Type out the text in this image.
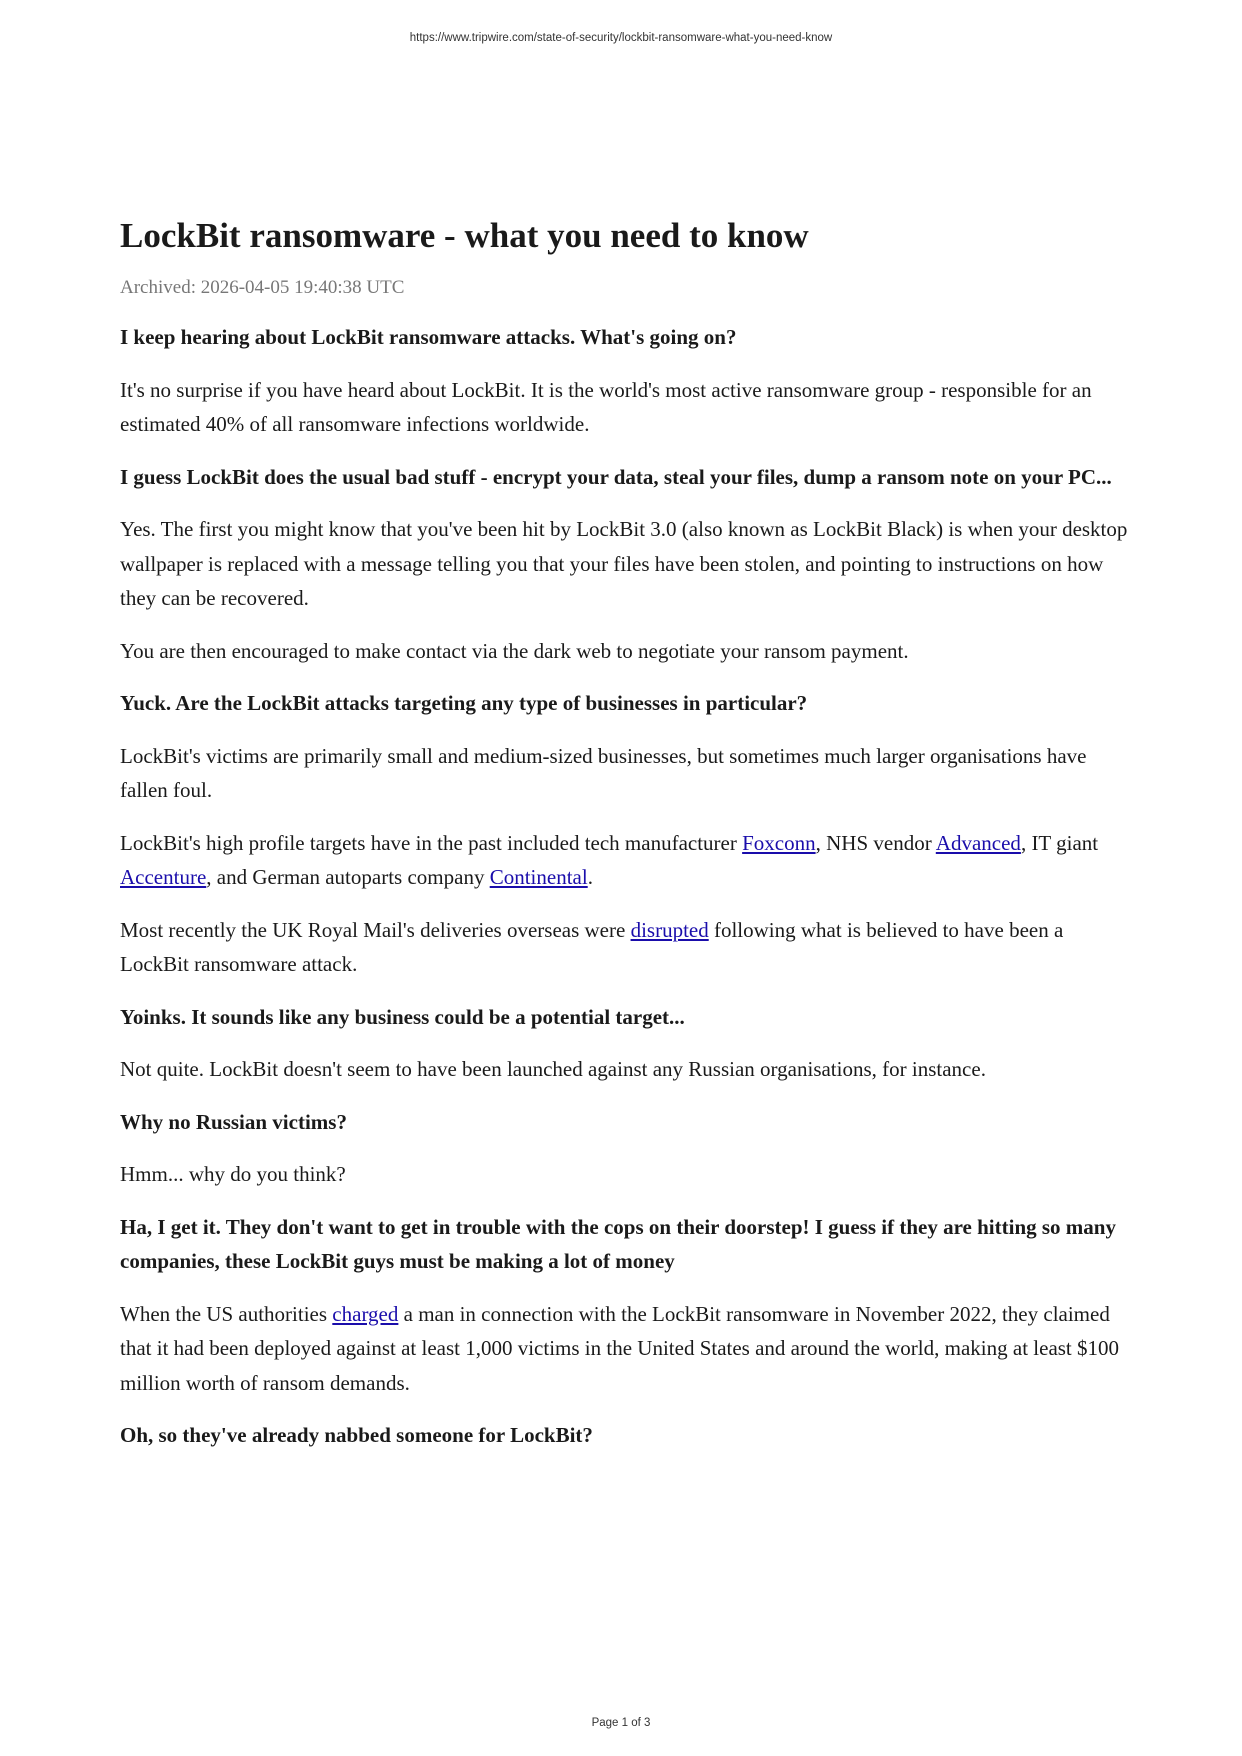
https://www.tripwire.com/state-of-security/lockbit-ransomware-what-you-need-know
LockBit ransomware - what you need to know
Archived: 2026-04-05 19:40:38 UTC

I keep hearing about LockBit ransomware attacks. What's going on?

It's no surprise if you have heard about LockBit. It is the world's most active ransomware group - responsible for an estimated 40% of all ransomware infections worldwide.

I guess LockBit does the usual bad stuff - encrypt your data, steal your files, dump a ransom note on your PC...

Yes. The first you might know that you've been hit by LockBit 3.0 (also known as LockBit Black) is when your desktop wallpaper is replaced with a message telling you that your files have been stolen, and pointing to instructions on how they can be recovered.

You are then encouraged to make contact via the dark web to negotiate your ransom payment.

Yuck. Are the LockBit attacks targeting any type of businesses in particular?

LockBit's victims are primarily small and medium-sized businesses, but sometimes much larger organisations have fallen foul.

LockBit's high profile targets have in the past included tech manufacturer Foxconn, NHS vendor Advanced, IT giant Accenture, and German autoparts company Continental.

Most recently the UK Royal Mail's deliveries overseas were disrupted following what is believed to have been a LockBit ransomware attack.

Yoinks. It sounds like any business could be a potential target...

Not quite. LockBit doesn't seem to have been launched against any Russian organisations, for instance.

Why no Russian victims?

Hmm... why do you think?

Ha, I get it. They don't want to get in trouble with the cops on their doorstep! I guess if they are hitting so many companies, these LockBit guys must be making a lot of money

When the US authorities charged a man in connection with the LockBit ransomware in November 2022, they claimed that it had been deployed against at least 1,000 victims in the United States and around the world, making at least $100 million worth of ransom demands.

Oh, so they've already nabbed someone for LockBit?

Page 1 of 3
